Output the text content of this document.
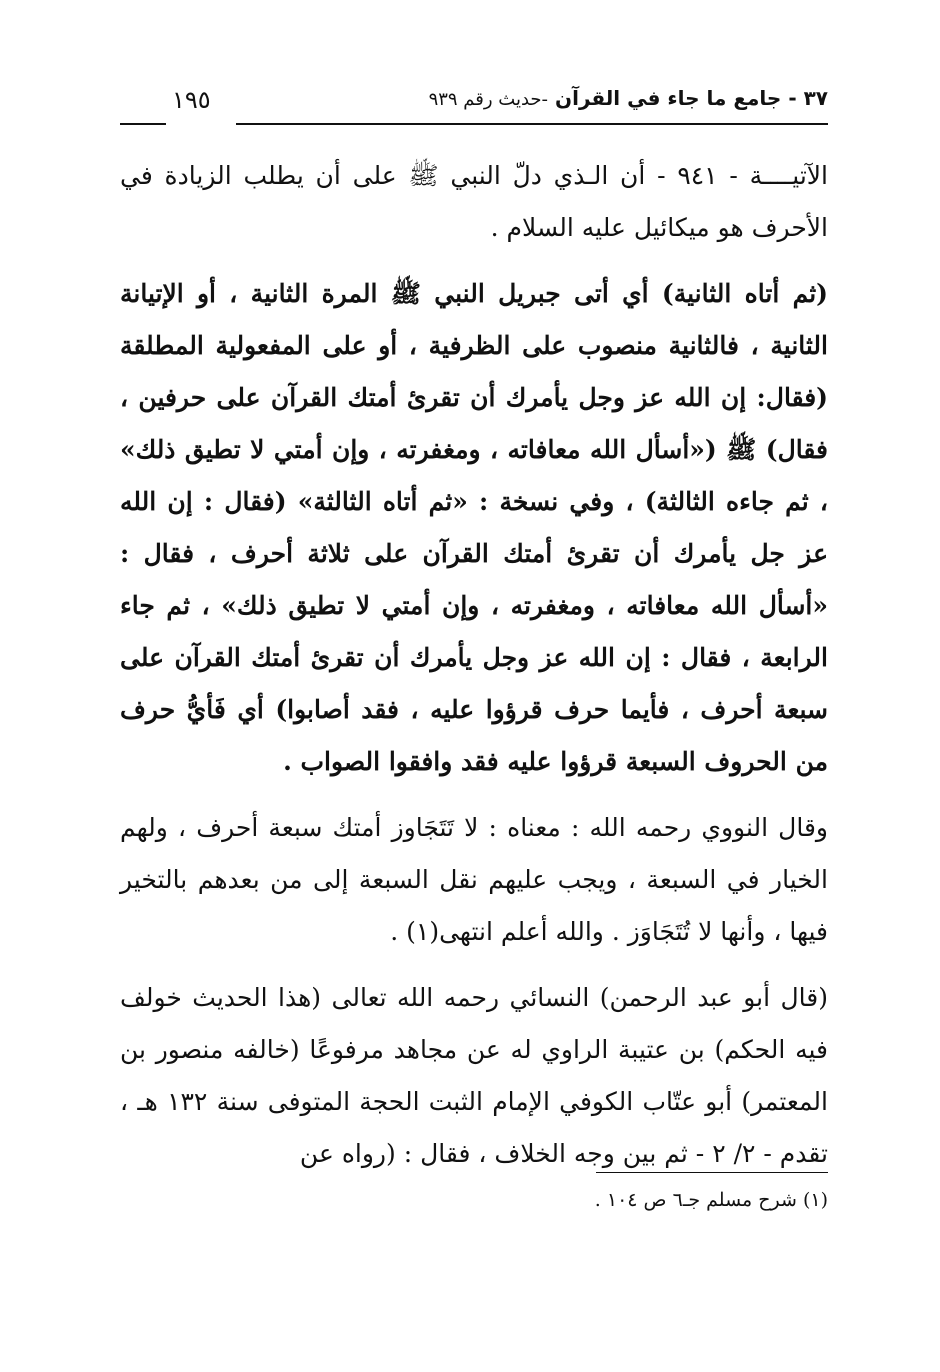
٣٧ - جامع ما جاء في القرآن -حديث رقم ٩٣٩
١٩٥

الآتيــــة - ٩٤١ - أن الـذي دلّ النبي ﷺ على أن يطلب الزيادة في الأحرف هو ميكائيل عليه السلام .

(ثم أتاه الثانية) أي أتى جبريل النبي ﷺ المرة الثانية ، أو الإتيانة الثانية ، فالثانية منصوب على الظرفية ، أو على المفعولية المطلقة (فقال: إن الله عز وجل يأمرك أن تقرئ أمتك القرآن على حرفين ، فقال) ﷺ («أسأل الله معافاته ، ومغفرته ، وإن أمتي لا تطيق ذلك» ، ثم جاءه الثالثة) ، وفي نسخة : «ثم أتاه الثالثة» (فقال : إن الله عز جل يأمرك أن تقرئ أمتك القرآن على ثلاثة أحرف ، فقال : «أسأل الله معافاته ، ومغفرته ، وإن أمتي لا تطيق ذلك» ، ثم جاء الرابعة ، فقال : إن الله عز وجل يأمرك أن تقرئ أمتك القرآن على سبعة أحرف ، فأيما حرف قرؤوا عليه ، فقد أصابوا) أي فَأيُّ حرف من الحروف السبعة قرؤوا عليه فقد وافقوا الصواب .

وقال النووي رحمه الله : معناه : لا تَتَجَاوز أمتك سبعة أحرف ، ولهم الخيار في السبعة ، ويجب عليهم نقل السبعة إلى من بعدهم بالتخير فيها ، وأنها لا تُتَجَاوَز . والله أعلم انتهى(١) .

(قال أبو عبد الرحمن) النسائي رحمه الله تعالى (هذا الحديث خولف فيه الحكم) بن عتيبة الراوي له عن مجاهد مرفوعًا (خالفه منصور بن المعتمر) أبو عتّاب الكوفي الإمام الثبت الحجة المتوفى سنة ١٣٢ هـ ، تقدم - ٢/ ٢ - ثم بين وجه الخلاف ، فقال : (رواه عن

(١) شرح مسلم جـ٦ ص ١٠٤ .
